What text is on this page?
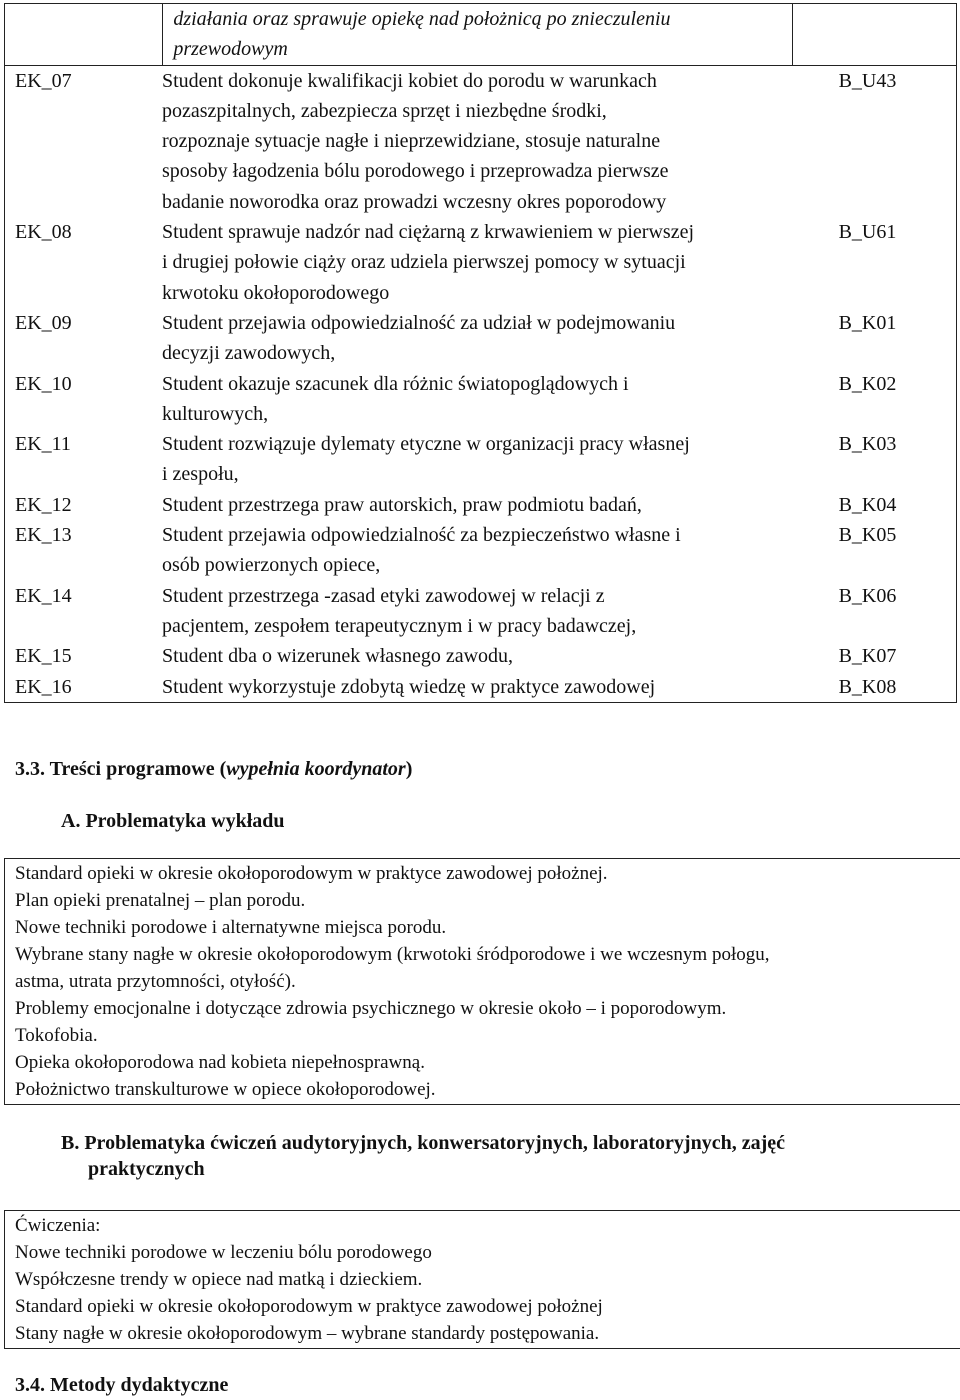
działania oraz sprawuje opiekę nad położnicą po znieczuleniu
przewodowym

EK_07	Student dokonuje kwalifikacji kobiet do porodu w warunkach
pozaszpitalnych, zabezpiecza sprzęt i niezbędne środki,
rozpoznaje sytuacje nagłe i nieprzewidziane, stosuje naturalne
sposoby łagodzenia bólu porodowego i przeprowadza pierwsze
badanie noworodka oraz prowadzi wczesny okres poporodowy
	B_U43
EK_08	Student sprawuje nadzór nad ciężarną z krwawieniem w pierwszej
i drugiej połowie ciąży oraz udziela pierwszej pomocy w sytuacji
krwotoku okołoporodowego
	B_U61
EK_09	Student przejawia odpowiedzialność za udział w podejmowaniu
decyzji zawodowych,
	B_K01
EK_10	Student okazuje szacunek dla różnic światopoglądowych i
kulturowych,
	B_K02
EK_11	Student rozwiązuje dylematy etyczne w organizacji pracy własnej
i zespołu,
	B_K03
EK_12	Student przestrzega praw autorskich, praw podmiotu badań,	B_K04
EK_13	Student przejawia odpowiedzialność za bezpieczeństwo własne i
osób powierzonych opiece,
	B_K05
EK_14	Student przestrzega -zasad etyki zawodowej w relacji z
pacjentem, zespołem terapeutycznym i w pracy badawczej,
	B_K06
EK_15	Student dba o wizerunek własnego zawodu,	B_K07
EK_16	Student wykorzystuje zdobytą wiedzę w praktyce zawodowej	B_K08
3.3. Treści programowe (wypełnia koordynator)
A. Problematyka wykładu
Standard opieki w okresie okołoporodowym w praktyce zawodowej położnej.
Plan opieki prenatalnej – plan porodu.
Nowe techniki porodowe i alternatywne miejsca porodu.
Wybrane stany nagłe w okresie okołoporodowym (krwotoki śródporodowe i we wczesnym połogu,
astma, utrata przytomności, otyłość).
Problemy emocjonalne i dotyczące zdrowia psychicznego w okresie około – i poporodowym.
Tokofobia.
Opieka okołoporodowa nad kobieta niepełnosprawną.
Położnictwo transkulturowe w opiece okołoporodowej.
B. Problematyka ćwiczeń audytoryjnych, konwersatoryjnych, laboratoryjnych, zajęć
praktycznych
Ćwiczenia:
Nowe techniki porodowe w leczeniu bólu porodowego
Współczesne trendy w opiece nad matką i dzieckiem.
Standard opieki w okresie okołoporodowym w praktyce zawodowej położnej
Stany nagłe w okresie okołoporodowym – wybrane standardy postępowania.
3.4. Metody dydaktyczne
